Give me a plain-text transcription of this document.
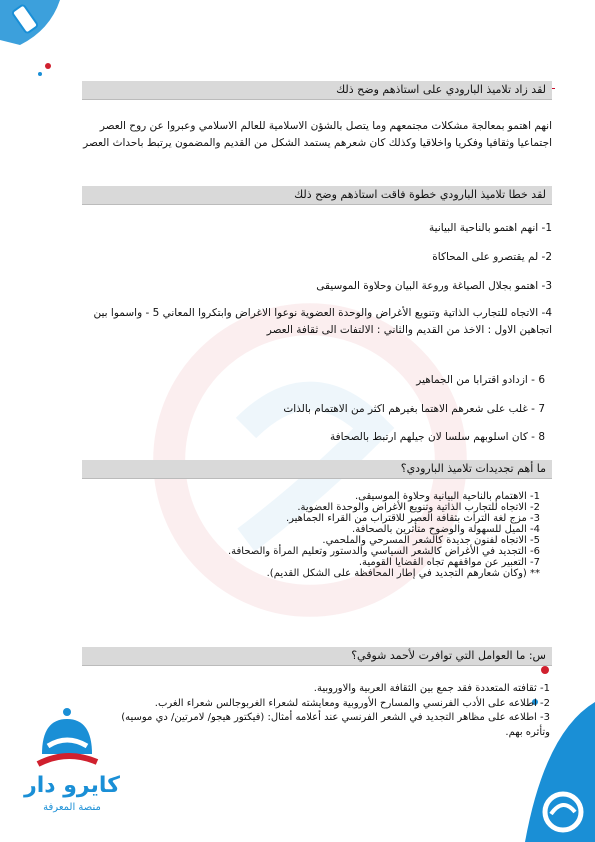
كايرو دار
منصة المعرفة
لقد زاد تلاميذ البارودي على استاذهم وضح ذلك
انهم اهتمو بمعالجة مشكلات مجتمعهم وما يتصل بالشؤن الاسلامية للعالم الاسلامي وعبروا عن روح العصر اجتماعيا وثقافيا وفكريا واخلاقيا وكذلك كان شعرهم يستمد الشكل من القديم والمضمون يرتبط باحداث العصر
لقد خطا تلاميذ البارودي خطوة فاقت استاذهم وضح ذلك
1- انهم اهتمو بالناحية البيانية
2- لم يقتصرو على المحاكاة
3- اهتمو بجلال الصياغة وروعة البيان وحلاوة الموسيقى
4- الاتجاه للتجارب الذاتية وتنويع الأغراض والوحدة العضوية نوعوا الاغراض وابتكروا المعاني 5 - واسموا بين اتجاهين الاول : الاخذ من القديم والثاني : الالتفات الى ثقافة العصر
6 - ازدادو اقترابا من الجماهير
7 - غلب على شعرهم الاهتما بغيرهم اكثر من الاهتمام بالذات
8 - كان اسلوبهم سلسا لان جيلهم ارتبط بالصحافة
ما أهم تجديدات تلاميذ البارودي؟
1- الاهتمام بالناحية البيانية وحلاوة الموسيقى.
2- الاتجاه للتجارب الذاتية وتنويع الأغراض والوحدة العضوية.
3- مزج لغة التراث بثقافة العصر للاقتراب من القراء الجماهير.
4- الميل للسهولة والوضوح متأثرين بالصحافة.
5- الاتجاه لفنون جديدة كالشعر المسرحي والملحمي.
6- التجديد في الأغراض كالشعر السياسي والدستور وتعليم المرأة والصحافة.
7- التعبير عن مواقفهم تجاه القضايا القومية.
** (وكان شعارهم التجديد في إطار المحافظة على الشكل القديم).
س: ما العوامل التي توافرت لأحمد شوقي؟
1- ثقافته المتعددة فقد جمع بين الثقافة العربية والاوروبية.
2- اطلاعه على الأدب الفرنسي والمسارح الأوروبية ومعايشته لشعراء الغربوجالس شعراء الغرب.
3- اطلاعه على مظاهر التجديد في الشعر الفرنسي عند أعلامه أمثال: (فيكتور هيجو/ لامرتين/ دي موسيه) وتأثره بهم.
